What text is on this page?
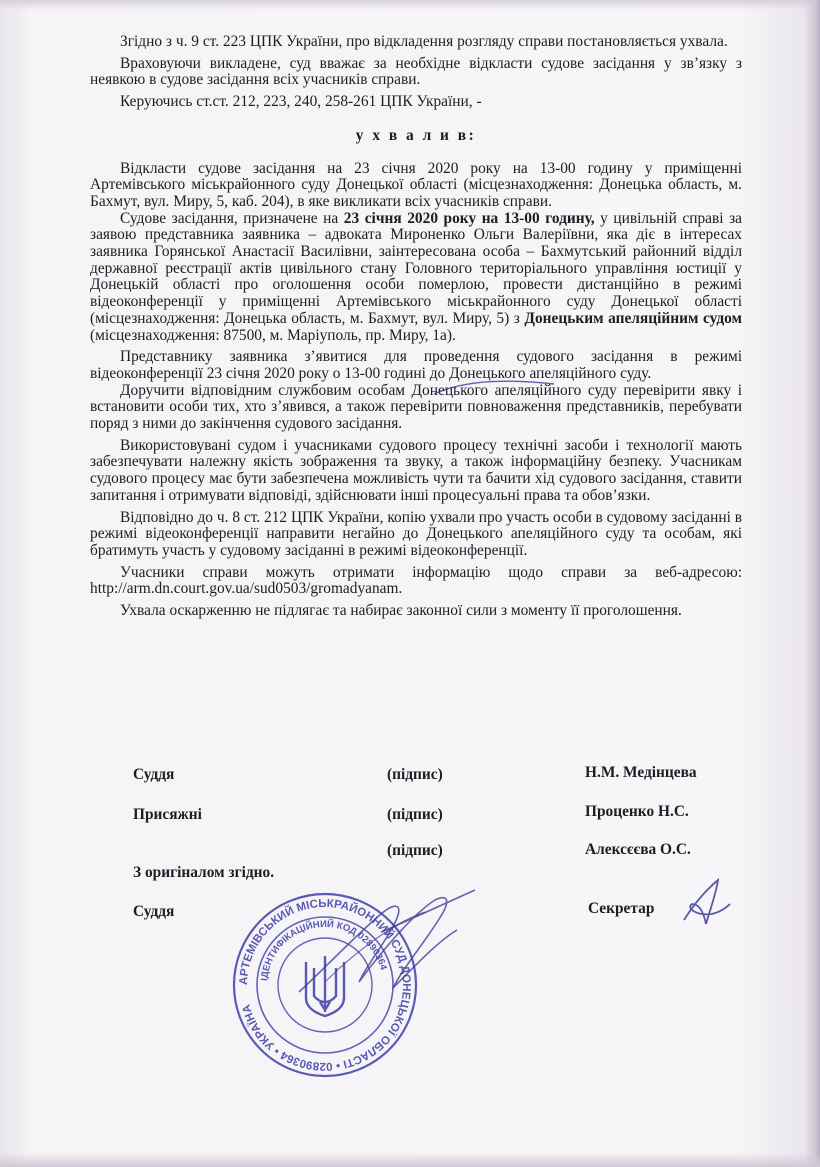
Згідно з ч. 9 ст. 223 ЦПК України, про відкладення розгляду справи постановляється ухвала.

Враховуючи викладене, суд вважає за необхідне відкласти судове засідання у зв’язку з неявкою в судове засідання всіх учасників справи.

Керуючись ст.ст. 212, 223, 240, 258-261 ЦПК України, -

у х в а л и в:

Відкласти судове засідання на 23 січня 2020 року на 13-00 годину у приміщенні Артемівського міськрайонного суду Донецької області (місцезнаходження: Донецька область, м. Бахмут, вул. Миру, 5, каб. 204), в яке викликати всіх учасників справи.

Судове засідання, призначене на 23 січня 2020 року на 13-00 годину, у цивільній справі за заявою представника заявника – адвоката Мироненко Ольги Валеріївни, яка діє в інтересах заявника Горянської Анастасії Василівни, заінтересована особа – Бахмутський районний відділ державної реєстрації актів цивільного стану Головного територіального управління юстиції у Донецькій області про оголошення особи померлою, провести дистанційно в режимі відеоконференції у приміщенні Артемівського міськрайонного суду Донецької області (місцезнаходження: Донецька область, м. Бахмут, вул. Миру, 5) з Донецьким апеляційним судом (місцезнаходження: 87500, м. Маріуполь, пр. Миру, 1а).

Представнику заявника з’явитися для проведення судового засідання в режимі відеоконференції 23 січня 2020 року о 13-00 годині до Донецького апеляційного суду.

Доручити відповідним службовим особам Донецького апеляційного суду перевірити явку і встановити особи тих, хто з’явився, а також перевірити повноваження представників, перебувати поряд з ними до закінчення судового засідання.

Використовувані судом і учасниками судового процесу технічні засоби і технології мають забезпечувати належну якість зображення та звуку, а також інформаційну безпеку. Учасникам судового процесу має бути забезпечена можливість чути та бачити хід судового засідання, ставити запитання і отримувати відповіді, здійснювати інші процесуальні права та обов’язки.

Відповідно до ч. 8 ст. 212 ЦПК України, копію ухвали про участь особи в судовому засіданні в режимі відеоконференції направити негайно до Донецького апеляційного суду та особам, які братимуть участь у судовому засіданні в режимі відеоконференції.

Учасники справи можуть отримати інформацію щодо справи за веб-адресою: http://arm.dn.court.gov.ua/sud0503/gromadyanam.

Ухвала оскарженню не підлягає та набирає законної сили з моменту її проголошення.

Суддя	(підпис)	Н.М. Медінцева
Присяжні	(підпис)	Проценко Н.С.
(підпис)	Алексєєва О.С.
З оригіналом згідно.
Суддя	Секретар
АРТЕМІВСЬКИЙ МІСЬКРАЙОННИЙ СУД ДОНЕЦЬКОЇ ОБЛАСТІ • 02890364 • УКРАЇНА
ІДЕНТИФІКАЦІЙНИЙ КОД 02890364
